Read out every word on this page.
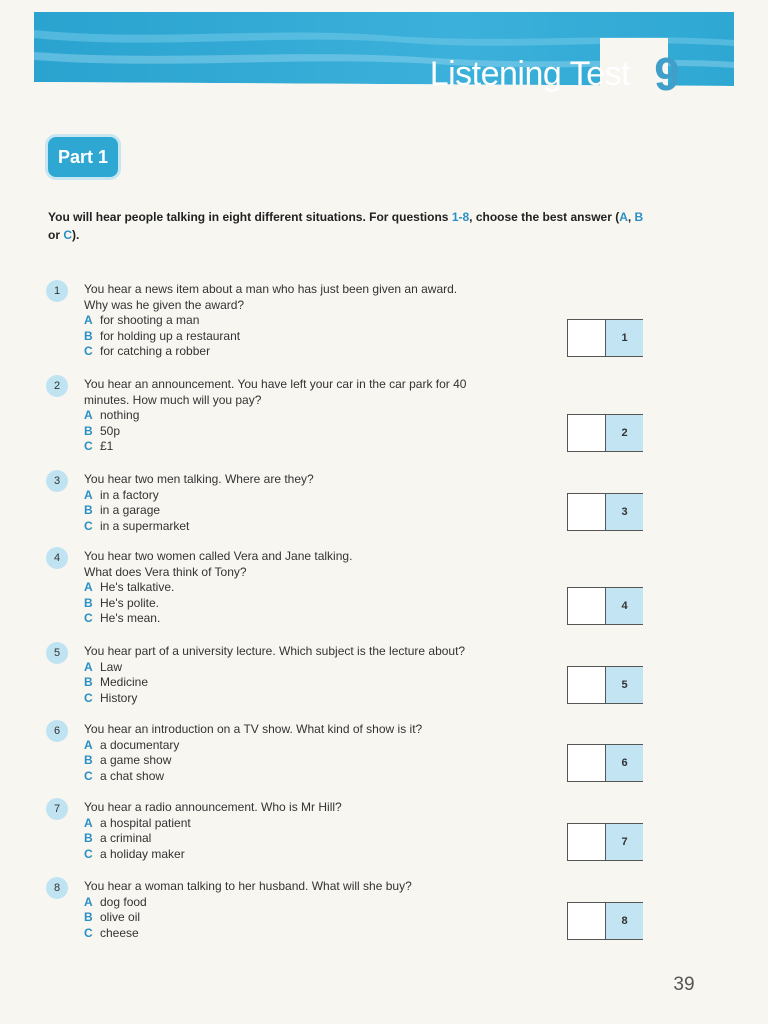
Listening Test 9
Part 1
You will hear people talking in eight different situations. For questions 1-8, choose the best answer (A, B or C).
1	You hear a news item about a man who has just been given an award.
Why was he given the award?
A for shooting a man
B for holding up a restaurant
C for catching a robber
2	You hear an announcement. You have left your car in the car park for 40
minutes. How much will you pay?
A nothing
B 50p
C £1
3	You hear two men talking. Where are they?
A in a factory
B in a garage
C in a supermarket
4	You hear two women called Vera and Jane talking.
What does Vera think of Tony?
A He's talkative.
B He's polite.
C He's mean.
5	You hear part of a university lecture. Which subject is the lecture about?
A Law
B Medicine
C History
6	You hear an introduction on a TV show. What kind of show is it?
A a documentary
B a game show
C a chat show
7	You hear a radio announcement. Who is Mr Hill?
A a hospital patient
B a criminal
C a holiday maker
8	You hear a woman talking to her husband. What will she buy?
A dog food
B olive oil
C cheese
1
2
3
4
5
6
7
8
39
